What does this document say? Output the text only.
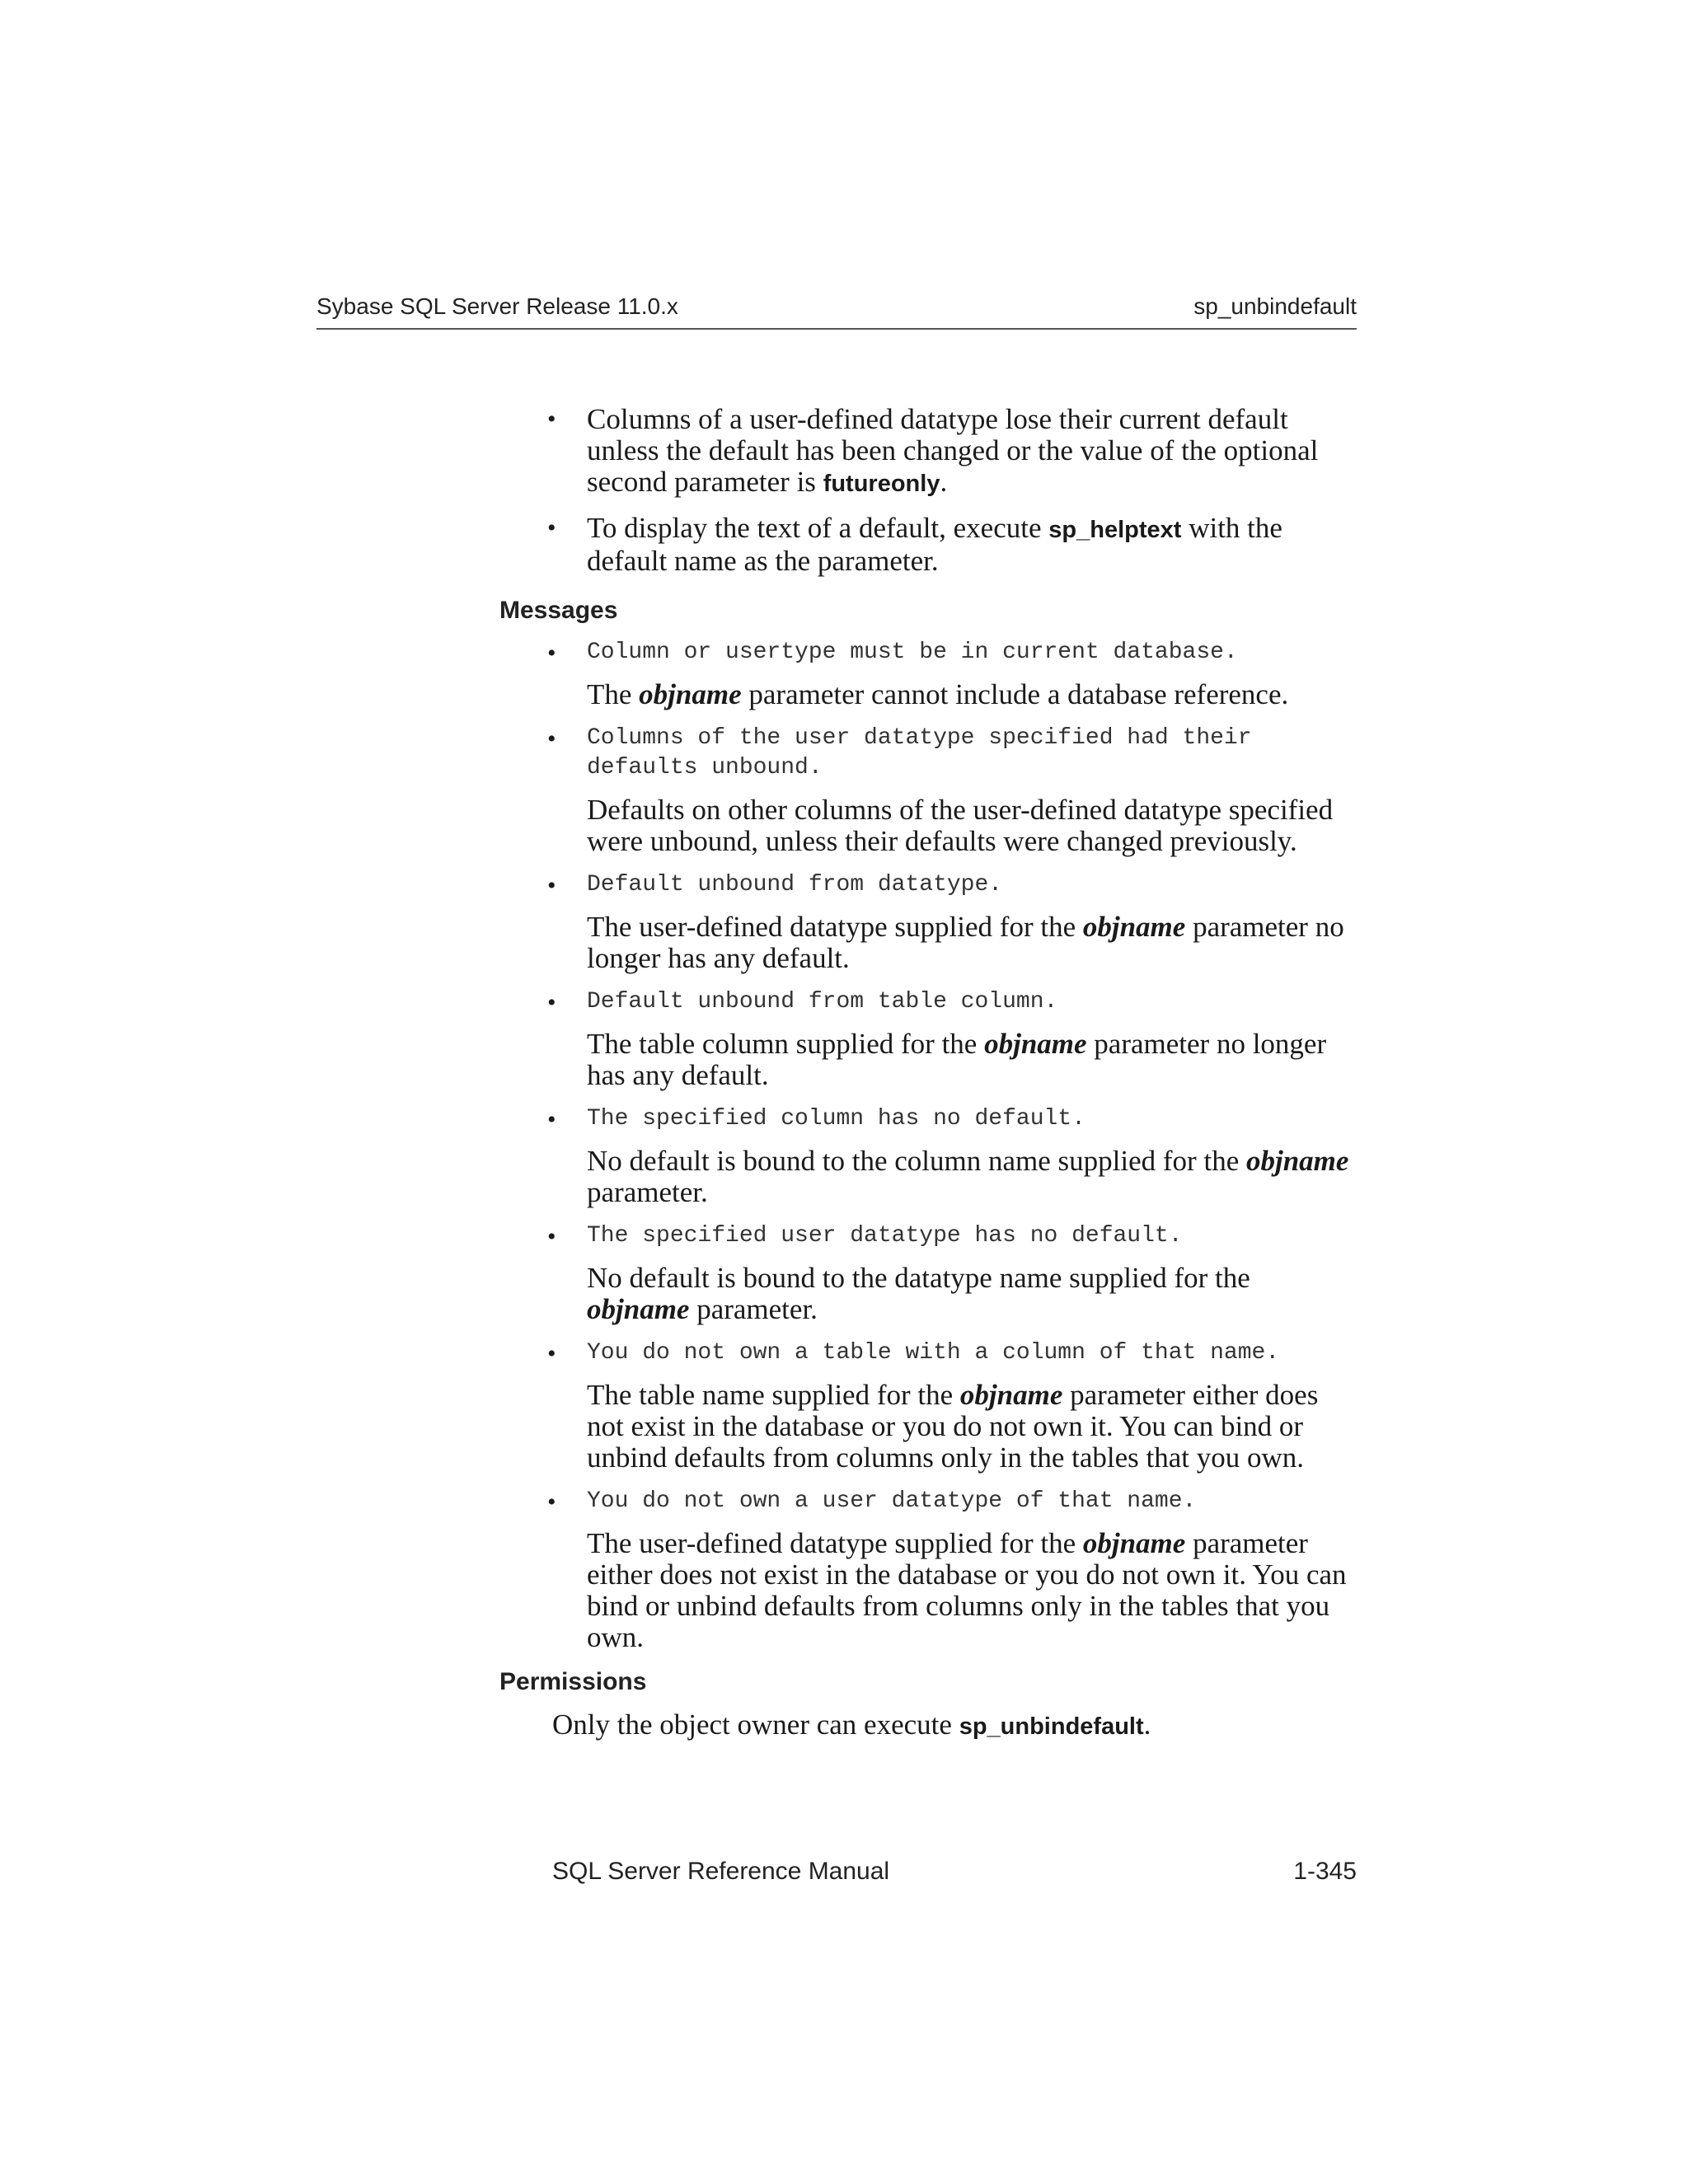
Sybase SQL Server Release 11.0.x	sp_unbindefault
• Columns of a user-defined datatype lose their current default unless the default has been changed or the value of the optional second parameter is futureonly.
• To display the text of a default, execute sp_helptext with the default name as the parameter.
Messages
• Column or usertype must be in current database.
The objname parameter cannot include a database reference.
• Columns of the user datatype specified had their defaults unbound.
Defaults on other columns of the user-defined datatype specified were unbound, unless their defaults were changed previously.
• Default unbound from datatype.
The user-defined datatype supplied for the objname parameter no longer has any default.
• Default unbound from table column.
The table column supplied for the objname parameter no longer has any default.
• The specified column has no default.
No default is bound to the column name supplied for the objname parameter.
• The specified user datatype has no default.
No default is bound to the datatype name supplied for the objname parameter.
• You do not own a table with a column of that name.
The table name supplied for the objname parameter either does not exist in the database or you do not own it. You can bind or unbind defaults from columns only in the tables that you own.
• You do not own a user datatype of that name.
The user-defined datatype supplied for the objname parameter either does not exist in the database or you do not own it. You can bind or unbind defaults from columns only in the tables that you own.
Permissions
Only the object owner can execute sp_unbindefault.
SQL Server Reference Manual	1-345
